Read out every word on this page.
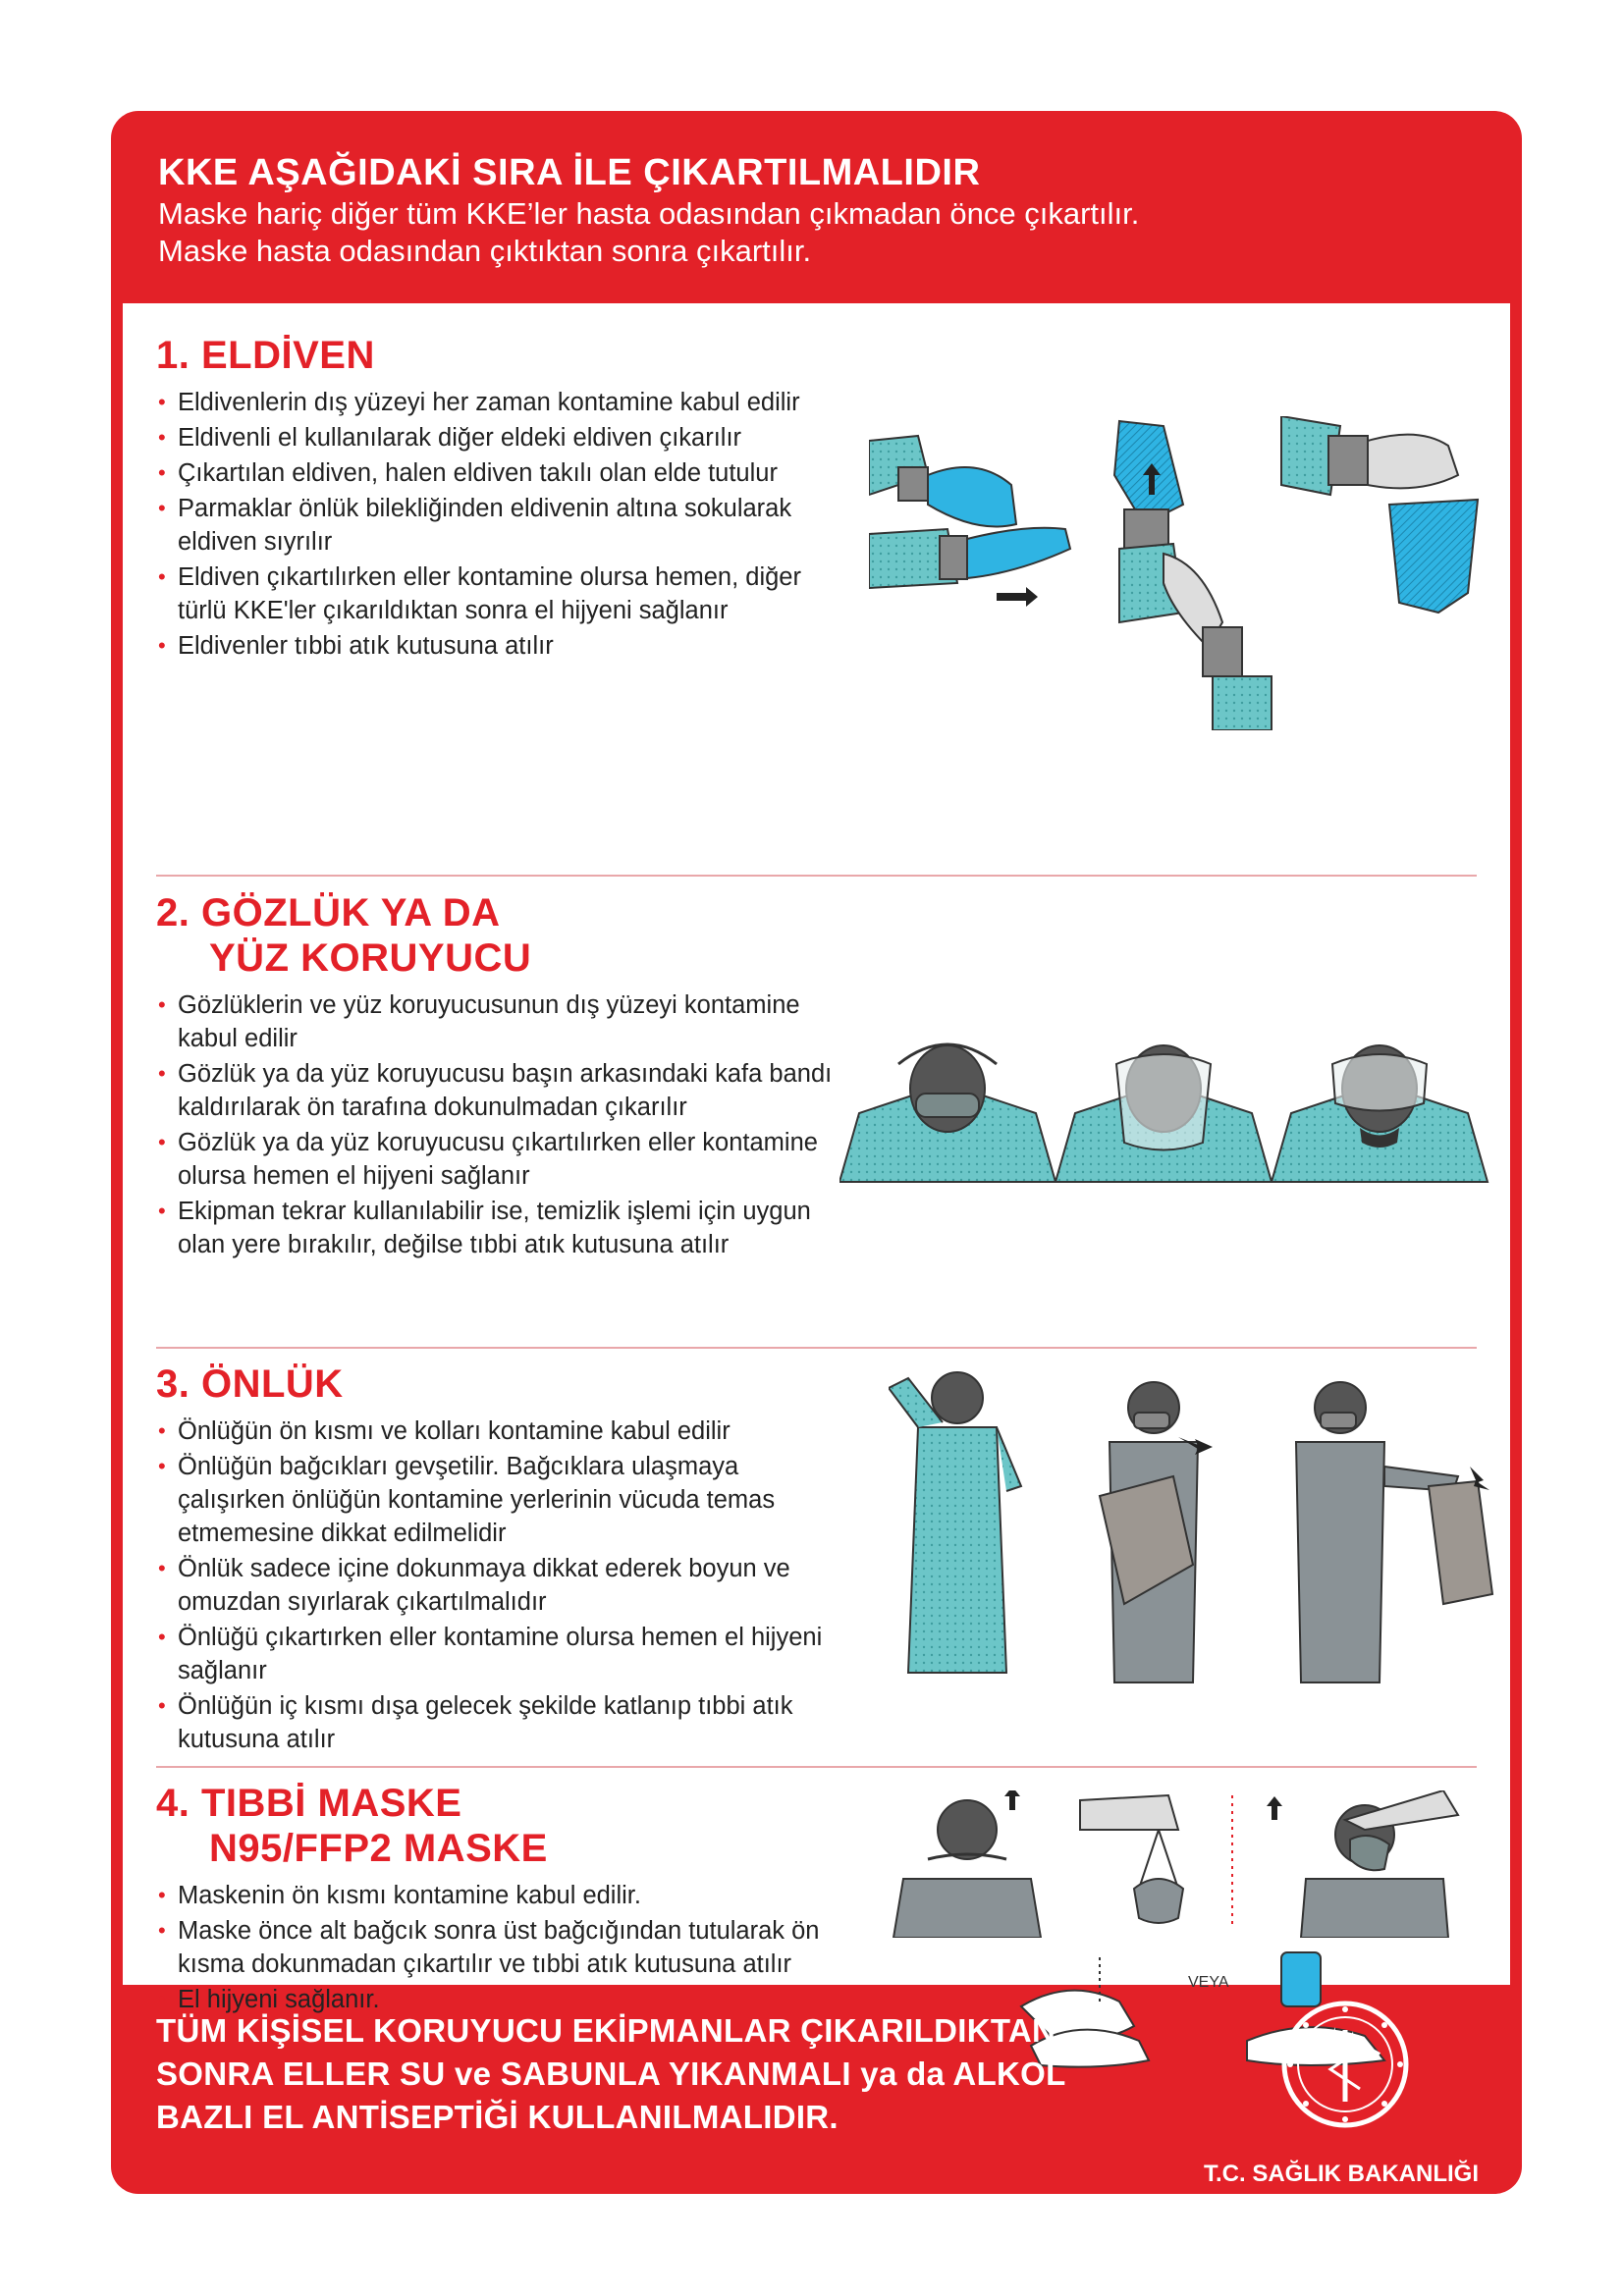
KKE AŞAĞIDAKİ SIRA İLE ÇIKARTILMALIDIR
Maske hariç diğer tüm KKE’ler hasta odasından çıkmadan önce çıkartılır.
Maske hasta odasından çıktıktan sonra çıkartılır.
1. ELDİVEN
• Eldivenlerin dış yüzeyi her zaman kontamine kabul edilir
• Eldivenli el kullanılarak diğer eldeki eldiven çıkarılır
• Çıkartılan eldiven, halen eldiven takılı olan elde tutulur
• Parmaklar önlük bilekliğinden eldivenin altına sokularak eldiven sıyrılır
• Eldiven çıkartılırken eller kontamine olursa hemen, diğer türlü KKE'ler çıkarıldıktan sonra el hijyeni sağlanır
• Eldivenler tıbbi atık kutusuna atılır
2. GÖZLÜK YA DA
YÜZ KORUYUCU
• Gözlüklerin ve yüz koruyucusunun dış yüzeyi kontamine kabul edilir
• Gözlük ya da yüz koruyucusu başın arkasındaki kafa bandı kaldırılarak ön tarafına dokunulmadan çıkarılır
• Gözlük ya da yüz koruyucusu çıkartılırken eller kontamine olursa hemen el hijyeni sağlanır
• Ekipman tekrar kullanılabilir ise, temizlik işlemi için uygun olan yere bırakılır, değilse tıbbi atık kutusuna atılır
3. ÖNLÜK
• Önlüğün ön kısmı ve kolları kontamine kabul edilir
• Önlüğün bağcıkları gevşetilir. Bağcıklara ulaşmaya çalışırken önlüğün kontamine yerlerinin vücuda temas etmemesine dikkat edilmelidir
• Önlük sadece içine dokunmaya dikkat ederek boyun ve omuzdan sıyırlarak çıkartılmalıdır
• Önlüğü çıkartırken eller kontamine olursa hemen el hijyeni sağlanır
• Önlüğün iç kısmı dışa gelecek şekilde katlanıp tıbbi atık kutusuna atılır
4. TIBBİ MASKE
N95/FFP2 MASKE
• Maskenin ön kısmı kontamine kabul edilir.
• Maske önce alt bağcık sonra üst bağcığından tutularak ön kısma dokunmadan çıkartılır ve tıbbi atık kutusuna atılır
• El hijyeni sağlanır.
VEYA
TÜM KİŞİSEL KORUYUCU EKİPMANLAR ÇIKARILDIKTAN
SONRA ELLER SU ve SABUNLA YIKANMALI ya da ALKOL
BAZLI EL ANTİSEPTİĞİ KULLANILMALIDIR.
T.C. SAĞLIK BAKANLIĞI
